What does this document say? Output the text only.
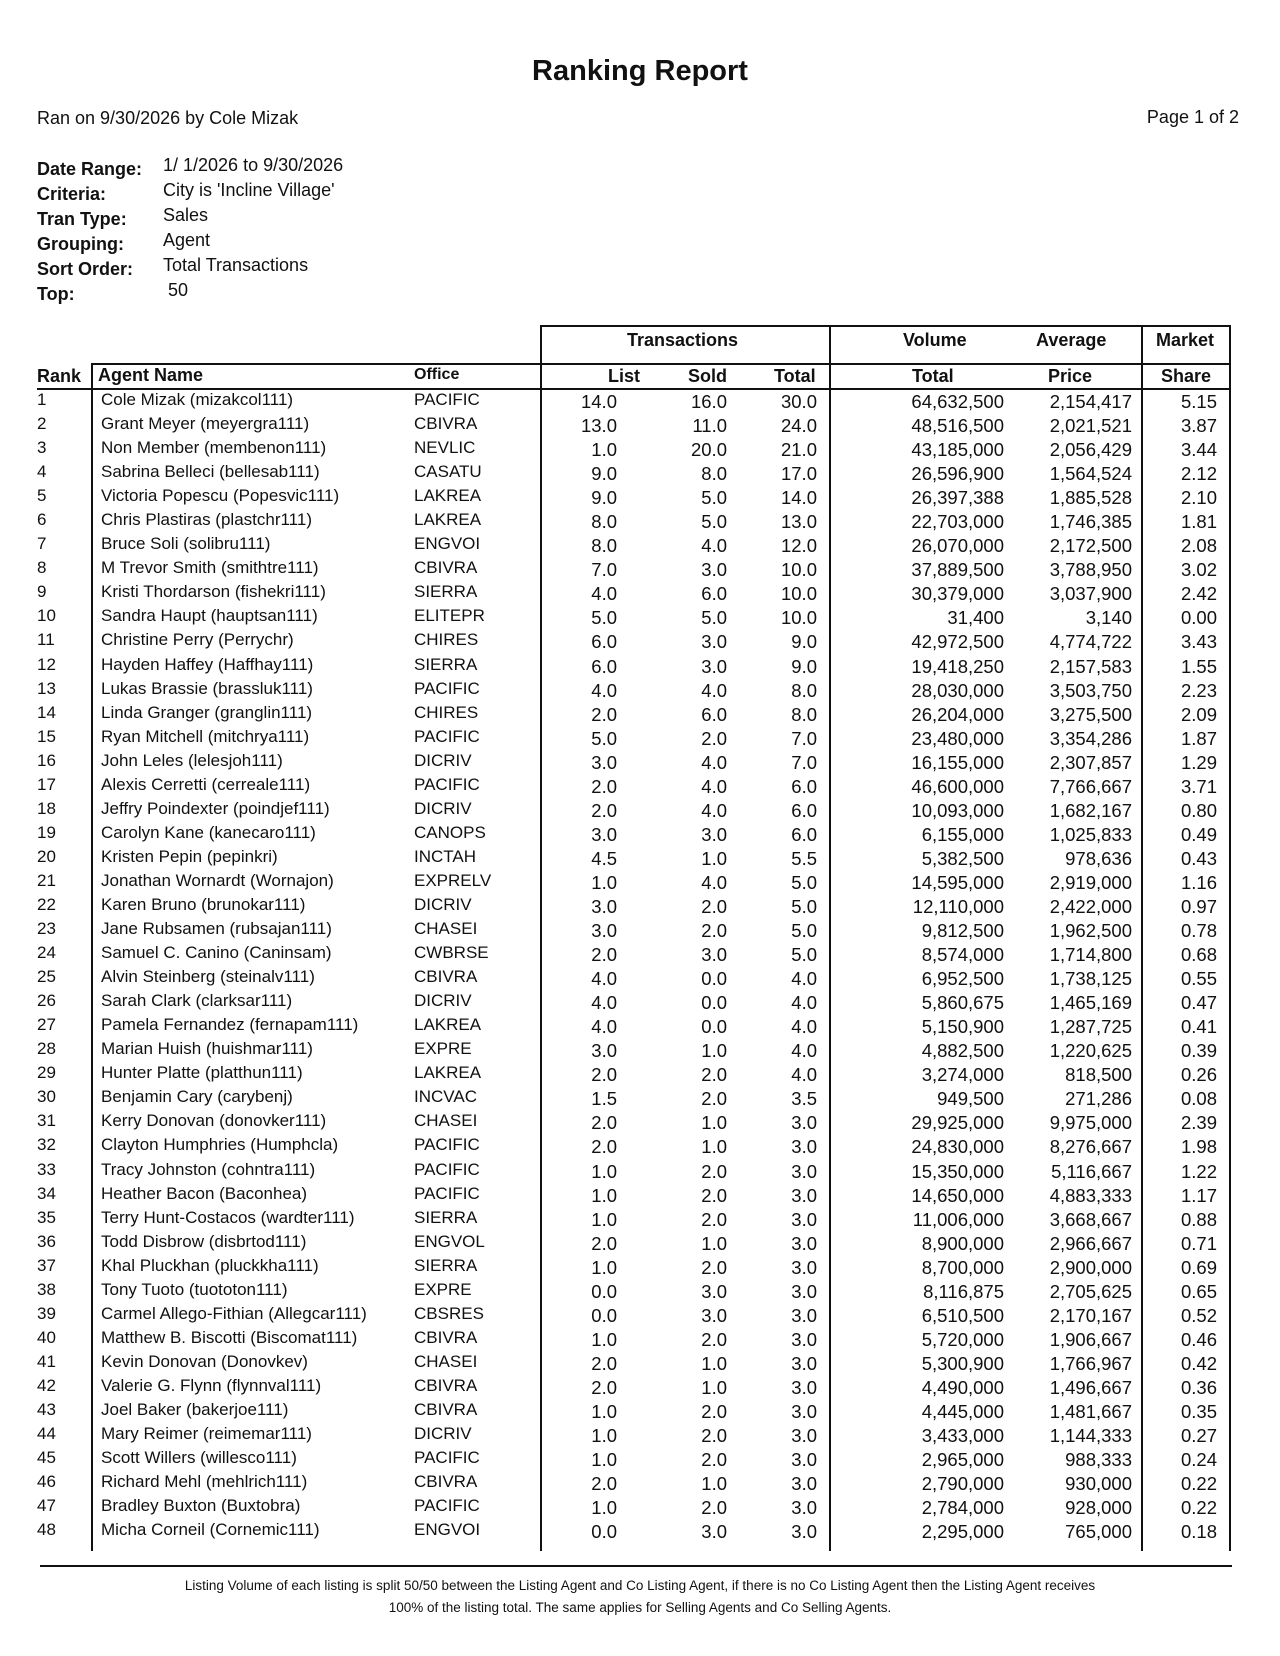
Ranking Report
Ran on 9/30/2026 by Cole Mizak	Page 1 of 2
Date Range: 1/ 1/2026 to 9/30/2026
Criteria:	City is 'Incline Village'
Tran Type: Sales
Grouping: Agent
Sort Order: Total Transactions
Top:	50
Transactions	Volume	Average	Market
Rank Agent Name	Office	List	Sold	Total	Total	Price	Share
1	Cole Mizak (mizakcol111)	PACIFIC	14.0	16.0	30.0	64,632,500 2,154,417	5.15
2	Grant Meyer (meyergra111)	CBIVRA	13.0	11.0	24.0	48,516,500 2,021,521	3.87
3	Non Member (membenon111)	NEVLIC	1.0	20.0	21.0	43,185,000 2,056,429	3.44
4	Sabrina Belleci (bellesab111)	CASATU	9.0	8.0	17.0	26,596,900 1,564,524	2.12
5	Victoria Popescu (Popesvic111)	LAKREA	9.0	5.0	14.0	26,397,388 1,885,528	2.10
6	Chris Plastiras (plastchr111)	LAKREA	8.0	5.0	13.0	22,703,000 1,746,385	1.81
7	Bruce Soli (solibru111)	ENGVOI	8.0	4.0	12.0	26,070,000 2,172,500	2.08
8	M Trevor Smith (smithtre111)	CBIVRA	7.0	3.0	10.0	37,889,500 3,788,950	3.02
9	Kristi Thordarson (fishekri111)	SIERRA	4.0	6.0	10.0	30,379,000 3,037,900	2.42
10	Sandra Haupt (hauptsan111)	ELITEPR	5.0	5.0	10.0	31,400	3,140	0.00
11	Christine Perry (Perrychr)	CHIRES	6.0	3.0	9.0	42,972,500 4,774,722	3.43
12	Hayden Haffey (Haffhay111)	SIERRA	6.0	3.0	9.0	19,418,250 2,157,583	1.55
13	Lukas Brassie (brassluk111)	PACIFIC	4.0	4.0	8.0	28,030,000 3,503,750	2.23
14	Linda Granger (granglin111)	CHIRES	2.0	6.0	8.0	26,204,000 3,275,500	2.09
15	Ryan Mitchell (mitchrya111)	PACIFIC	5.0	2.0	7.0	23,480,000 3,354,286	1.87
16	John Leles (lelesjoh111)	DICRIV	3.0	4.0	7.0	16,155,000 2,307,857	1.29
17	Alexis Cerretti (cerreale111)	PACIFIC	2.0	4.0	6.0	46,600,000 7,766,667	3.71
18	Jeffry Poindexter (poindjef111)	DICRIV	2.0	4.0	6.0	10,093,000 1,682,167	0.80
19	Carolyn Kane (kanecaro111)	CANOPS	3.0	3.0	6.0	6,155,000 1,025,833	0.49
20	Kristen Pepin (pepinkri)	INCTAH	4.5	1.0	5.5	5,382,500	978,636	0.43
21	Jonathan Wornardt (Wornajon)	EXPRELV	1.0	4.0	5.0	14,595,000 2,919,000	1.16
22	Karen Bruno (brunokar111)	DICRIV	3.0	2.0	5.0	12,110,000 2,422,000	0.97
23	Jane Rubsamen (rubsajan111)	CHASEI	3.0	2.0	5.0	9,812,500 1,962,500	0.78
24	Samuel C. Canino (Caninsam)	CWBRSE	2.0	3.0	5.0	8,574,000 1,714,800	0.68
25	Alvin Steinberg (steinalv111)	CBIVRA	4.0	0.0	4.0	6,952,500 1,738,125	0.55
26	Sarah Clark (clarksar111)	DICRIV	4.0	0.0	4.0	5,860,675 1,465,169	0.47
27	Pamela Fernandez (fernapam111)	LAKREA	4.0	0.0	4.0	5,150,900 1,287,725	0.41
28	Marian Huish (huishmar111)	EXPRE	3.0	1.0	4.0	4,882,500 1,220,625	0.39
29	Hunter Platte (platthun111)	LAKREA	2.0	2.0	4.0	3,274,000	818,500	0.26
30	Benjamin Cary (carybenj)	INCVAC	1.5	2.0	3.5	949,500	271,286	0.08
31	Kerry Donovan (donovker111)	CHASEI	2.0	1.0	3.0	29,925,000 9,975,000	2.39
32	Clayton Humphries (Humphcla)	PACIFIC	2.0	1.0	3.0	24,830,000 8,276,667	1.98
33	Tracy Johnston (cohntra111)	PACIFIC	1.0	2.0	3.0	15,350,000	5,116,667	1.22
34	Heather Bacon (Baconhea)	PACIFIC	1.0	2.0	3.0	14,650,000 4,883,333	1.17
35	Terry Hunt-Costacos (wardter111)	SIERRA	1.0	2.0	3.0	11,006,000 3,668,667	0.88
36	Todd Disbrow (disbrtod111)	ENGVOL	2.0	1.0	3.0	8,900,000 2,966,667	0.71
37	Khal Pluckhan (pluckkha111)	SIERRA	1.0	2.0	3.0	8,700,000 2,900,000	0.69
38	Tony Tuoto (tuototon111)	EXPRE	0.0	3.0	3.0	8,116,875 2,705,625	0.65
39	Carmel Allego-Fithian (Allegcar111)	CBSRES	0.0	3.0	3.0	6,510,500 2,170,167	0.52
40	Matthew B. Biscotti (Biscomat111)	CBIVRA	1.0	2.0	3.0	5,720,000 1,906,667	0.46
41	Kevin Donovan (Donovkev)	CHASEI	2.0	1.0	3.0	5,300,900 1,766,967	0.42
42	Valerie G. Flynn (flynnval111)	CBIVRA	2.0	1.0	3.0	4,490,000 1,496,667	0.36
43	Joel Baker (bakerjoe111)	CBIVRA	1.0	2.0	3.0	4,445,000 1,481,667	0.35
44	Mary Reimer (reimemar111)	DICRIV	1.0	2.0	3.0	3,433,000 1,144,333	0.27
45	Scott Willers (willesco111)	PACIFIC	1.0	2.0	3.0	2,965,000	988,333	0.24
46	Richard Mehl (mehlrich111)	CBIVRA	2.0	1.0	3.0	2,790,000	930,000	0.22
47	Bradley Buxton (Buxtobra)	PACIFIC	1.0	2.0	3.0	2,784,000	928,000	0.22
48	Micha Corneil (Cornemic111)	ENGVOI	0.0	3.0	3.0	2,295,000	765,000	0.18
Listing Volume of each listing is split 50/50 between the Listing Agent and Co Listing Agent, if there is no Co Listing Agent then the Listing Agent receives
100% of the listing total. The same applies for Selling Agents and Co Selling Agents.
